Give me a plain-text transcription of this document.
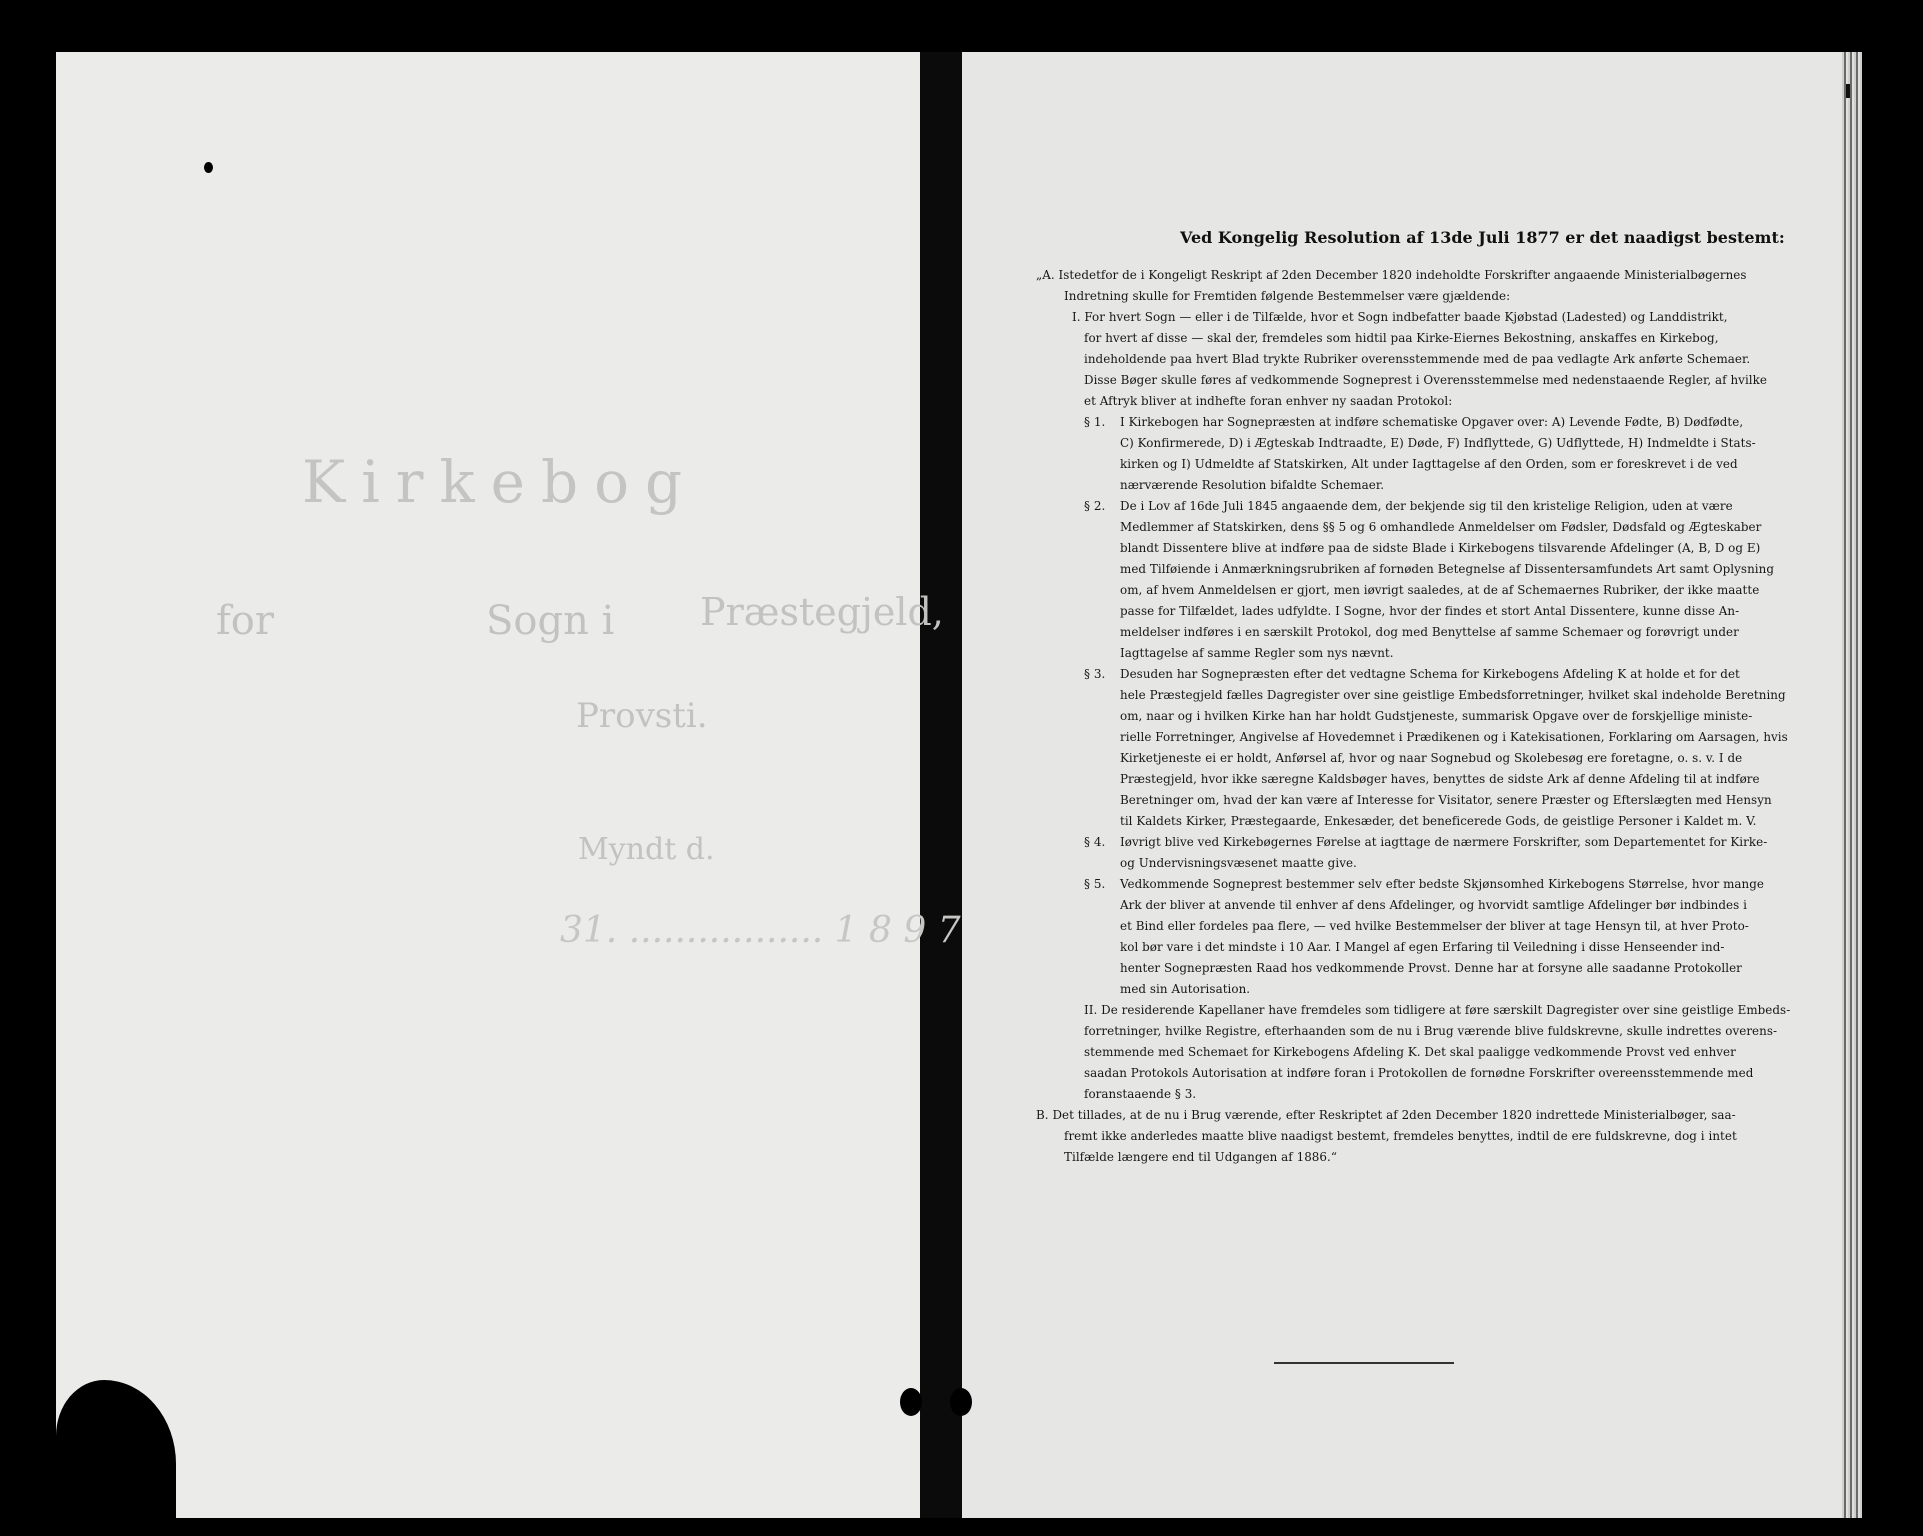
Kirkebog
for	Sogn i Præstegjeld,
Provsti.
Myndt d.
31. ................. 1 8 9 7
Ved Kongelig Resolution af 13de Juli 1877 er det naadigst bestemt:
„A. Istedetfor de i Kongeligt Reskript af 2den December 1820 indeholdte Forskrifter angaaende Ministerialbøgernes
Indretning skulle for Fremtiden følgende Bestemmelser være gjældende:
I. For hvert Sogn — eller i de Tilfælde, hvor et Sogn indbefatter baade Kjøbstad (Ladested) og Landdistrikt,
for hvert af disse — skal der, fremdeles som hidtil paa Kirke-Eiernes Bekostning, anskaffes en Kirkebog,
indeholdende paa hvert Blad trykte Rubriker overensstemmende med de paa vedlagte Ark anførte Schemaer.
Disse Bøger skulle føres af vedkommende Sogneprest i Overensstemmelse med nedenstaaende Regler, af hvilke
et Aftryk bliver at indhefte foran enhver ny saadan Protokol:
§ 1. I Kirkebogen har Sognepræsten at indføre schematiske Opgaver over: A) Levende Fødte, B) Dødfødte,
C) Konfirmerede, D) i Ægteskab Indtraadte, E) Døde, F) Indflyttede, G) Udflyttede, H) Indmeldte i Stats-
kirken og I) Udmeldte af Statskirken, Alt under Iagttagelse af den Orden, som er foreskrevet i de ved
nærværende Resolution bifaldte Schemaer.
§ 2. De i Lov af 16de Juli 1845 angaaende dem, der bekjende sig til den kristelige Religion, uden at være
Medlemmer af Statskirken, dens §§ 5 og 6 omhandlede Anmeldelser om Fødsler, Dødsfald og Ægteskaber
blandt Dissentere blive at indføre paa de sidste Blade i Kirkebogens tilsvarende Afdelinger (A, B, D og E)
med Tilføiende i Anmærkningsrubriken af fornøden Betegnelse af Dissentersamfundets Art samt Oplysning
om, af hvem Anmeldelsen er gjort, men iøvrigt saaledes, at de af Schemaernes Rubriker, der ikke maatte
passe for Tilfældet, lades udfyldte. I Sogne, hvor der findes et stort Antal Dissentere, kunne disse An-
meldelser indføres i en særskilt Protokol, dog med Benyttelse af samme Schemaer og forøvrigt under
Iagttagelse af samme Regler som nys nævnt.
§ 3. Desuden har Sognepræsten efter det vedtagne Schema for Kirkebogens Afdeling K at holde et for det
hele Præstegjeld fælles Dagregister over sine geistlige Embedsforretninger, hvilket skal indeholde Beretning
om, naar og i hvilken Kirke han har holdt Gudstjeneste, summarisk Opgave over de forskjellige ministe-
rielle Forretninger, Angivelse af Hovedemnet i Prædikenen og i Katekisationen, Forklaring om Aarsagen, hvis
Kirketjeneste ei er holdt, Anførsel af, hvor og naar Sognebud og Skolebesøg ere foretagne, o. s. v. I de
Præstegjeld, hvor ikke særegne Kaldsbøger haves, benyttes de sidste Ark af denne Afdeling til at indføre
Beretninger om, hvad der kan være af Interesse for Visitator, senere Præster og Efterslægten med Hensyn
til Kaldets Kirker, Præstegaarde, Enkesæder, det beneficerede Gods, de geistlige Personer i Kaldet m. V.
§ 4. Iøvrigt blive ved Kirkebøgernes Førelse at iagttage de nærmere Forskrifter, som Departementet for Kirke-
og Undervisningsvæsenet maatte give.
§ 5. Vedkommende Sogneprest bestemmer selv efter bedste Skjønsomhed Kirkebogens Størrelse, hvor mange
Ark der bliver at anvende til enhver af dens Afdelinger, og hvorvidt samtlige Afdelinger bør indbindes i
et Bind eller fordeles paa flere, — ved hvilke Bestemmelser der bliver at tage Hensyn til, at hver Proto-
kol bør vare i det mindste i 10 Aar. I Mangel af egen Erfaring til Veiledning i disse Henseender ind-
henter Sognepræsten Raad hos vedkommende Provst. Denne har at forsyne alle saadanne Protokoller
med sin Autorisation.
II. De residerende Kapellaner have fremdeles som tidligere at føre særskilt Dagregister over sine geistlige Embeds-
forretninger, hvilke Registre, efterhaanden som de nu i Brug værende blive fuldskrevne, skulle indrettes overens-
stemmende med Schemaet for Kirkebogens Afdeling K. Det skal paaligge vedkommende Provst ved enhver
saadan Protokols Autorisation at indføre foran i Protokollen de fornødne Forskrifter overeensstemmende med
foranstaaende § 3.
B. Det tillades, at de nu i Brug værende, efter Reskriptet af 2den December 1820 indrettede Ministerialbøger, saa-
fremt ikke anderledes maatte blive naadigst bestemt, fremdeles benyttes, indtil de ere fuldskrevne, dog i intet
Tilfælde længere end til Udgangen af 1886.“
